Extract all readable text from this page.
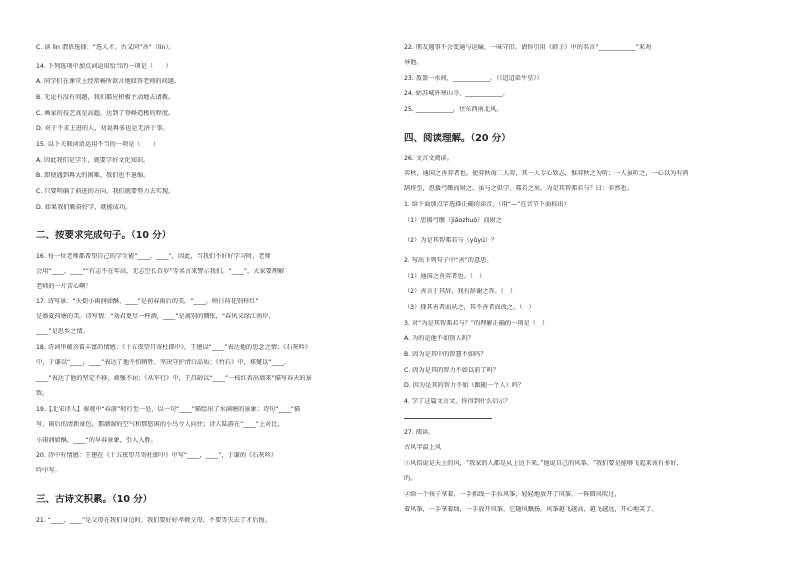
C. 读 lìn 谓语选择：“选人才。古义同“吝”（lìn）。
14. 下列选项中加点词运用恰当的一项是（　　）
A. 同学们在课堂上经常畅所欲言地回答老师的问题。
B. 无论有没有问题，我们都应积极主动地去请教。
C. 画家的技艺真是高超，达到了登峰造极的程度。
D. 对于不求上进的人，劝说再多也是无济于事。
15. 以下关联词语运用不当的一项是（　　）
A. 因此我们是学生，就要学好文化知识。
B. 即使遇到再大的困难，我们也不退缩。
C. 只要明确了前进的方向，我们就要努力去实现。
D. 如果我们勤奋好学，就能成功。
二、按要求完成句子。（10 分）
16. 每一位老师都希望自己的学生能“____，____”，因此，当我们不好好学习时，老师
会用“____，____”“有志不在年高，无志空长百岁”等名言来警示我们。“____”，大家要理解
老师的一片苦心啊！
17. 诗写景：“天街小雨润如酥，____”是初春雨后的美。“____，映日荷花别样红”
是盛夏荷塘的美。诗写情：“劝君更尽一杯酒，____”是离别的惆怅，“春风又绿江南岸，
____”是思乡之情。
18. 诗词里蕴含着丰富的情感：《十五夜望月寄杜郎中》，王建以“____”表达他的思念之情；《石灰吟》
中，于谦以“____，____”表达了他不怕牺牲、坚决守护清白品质；《竹石》中，郑燮以“____，
____”表达了他的坚定不移、顽强不屈；《从军行》中，王昌龄以“____”一枝红杏出墙来”描写春天的景
致。
19.【北宋诗人】秦观中“春游”时行至一处，以一句“____”描绘出了水满塘的景象；诗句“____”描
写，雨后的清新景色，那潮湿的空气和那悠闲的小鸟令人向往；诗人陆游在“____”上对比。
小雨润如酥，____“的早春景象，引人入胜。
20. 诗中有情感：王建在《十五夜望月寄杜郎中》中写“____，____”，于谦的《石灰吟》
吟中写。
三、古诗文积累。（10 分）
21. “____，____”是父母在我们身边时，我们要好好孝敬父母，不要等失去了才后悔。
22. 朋友遇事不会变通与运输，一味守旧。请你引用《韩子》中的名言“____________”来劝
导他。
23. 盈盈一水间，____________。（《迢迢牵牛星》）
24. 姑苏城外寒山寺，____________。
25. ____________，往东西南北风。
四、阅读理解。（20 分）
26. 文言文阅读。
弈秋，通国之善弈者也。使弈秋诲二人弈，其一人专心致志，惟弈秋之为听；一人虽听之，一心以为有鸿
鹄将至，思援弓缴而射之。虽与之俱学，弗若之矣。为是其智弗若与？曰：非然也。
1. 给下面加点字选择正确的读音。（用“—”在音节下面标出）
（1）思援弓缴（jiǎozhuó）而射之
（2）为是其智弗若与（yǔyú）？
2. 写出下列句子中“善”的意思。
（1）通国之善弈者也。（　）
（2）善言于其辞，我有辞谢之答。（　）
（3）择其善者而从之，其不善者而改之。（　）
3. 对“为是其智弗若与？”的理解正确的一项是（　）
A. 为的是他不如别人吗？
B. 因为是其中的智慧不如吗？
C. 因为是其的智力不如以前了吗？
D. 因为是其的智力不如（跟随一个人）吗？
4. 学了这篇文言文，你得到什么启示？
27. 阅读。
古风字温上风
①风俗说是天上的风，“我家的人都是从上边下来，”他说自己的风筝。“我们要是能够飞起来该有多好，
的。
②给一个孩子拿着，一手抓线一手拉风筝，轻轻地放开了风筝，一阵微风吹过，
着风筝，一手拿着线，一手放开风筝，它随风飘扬。风筝越飞越高，越飞越远，开心地笑了。
